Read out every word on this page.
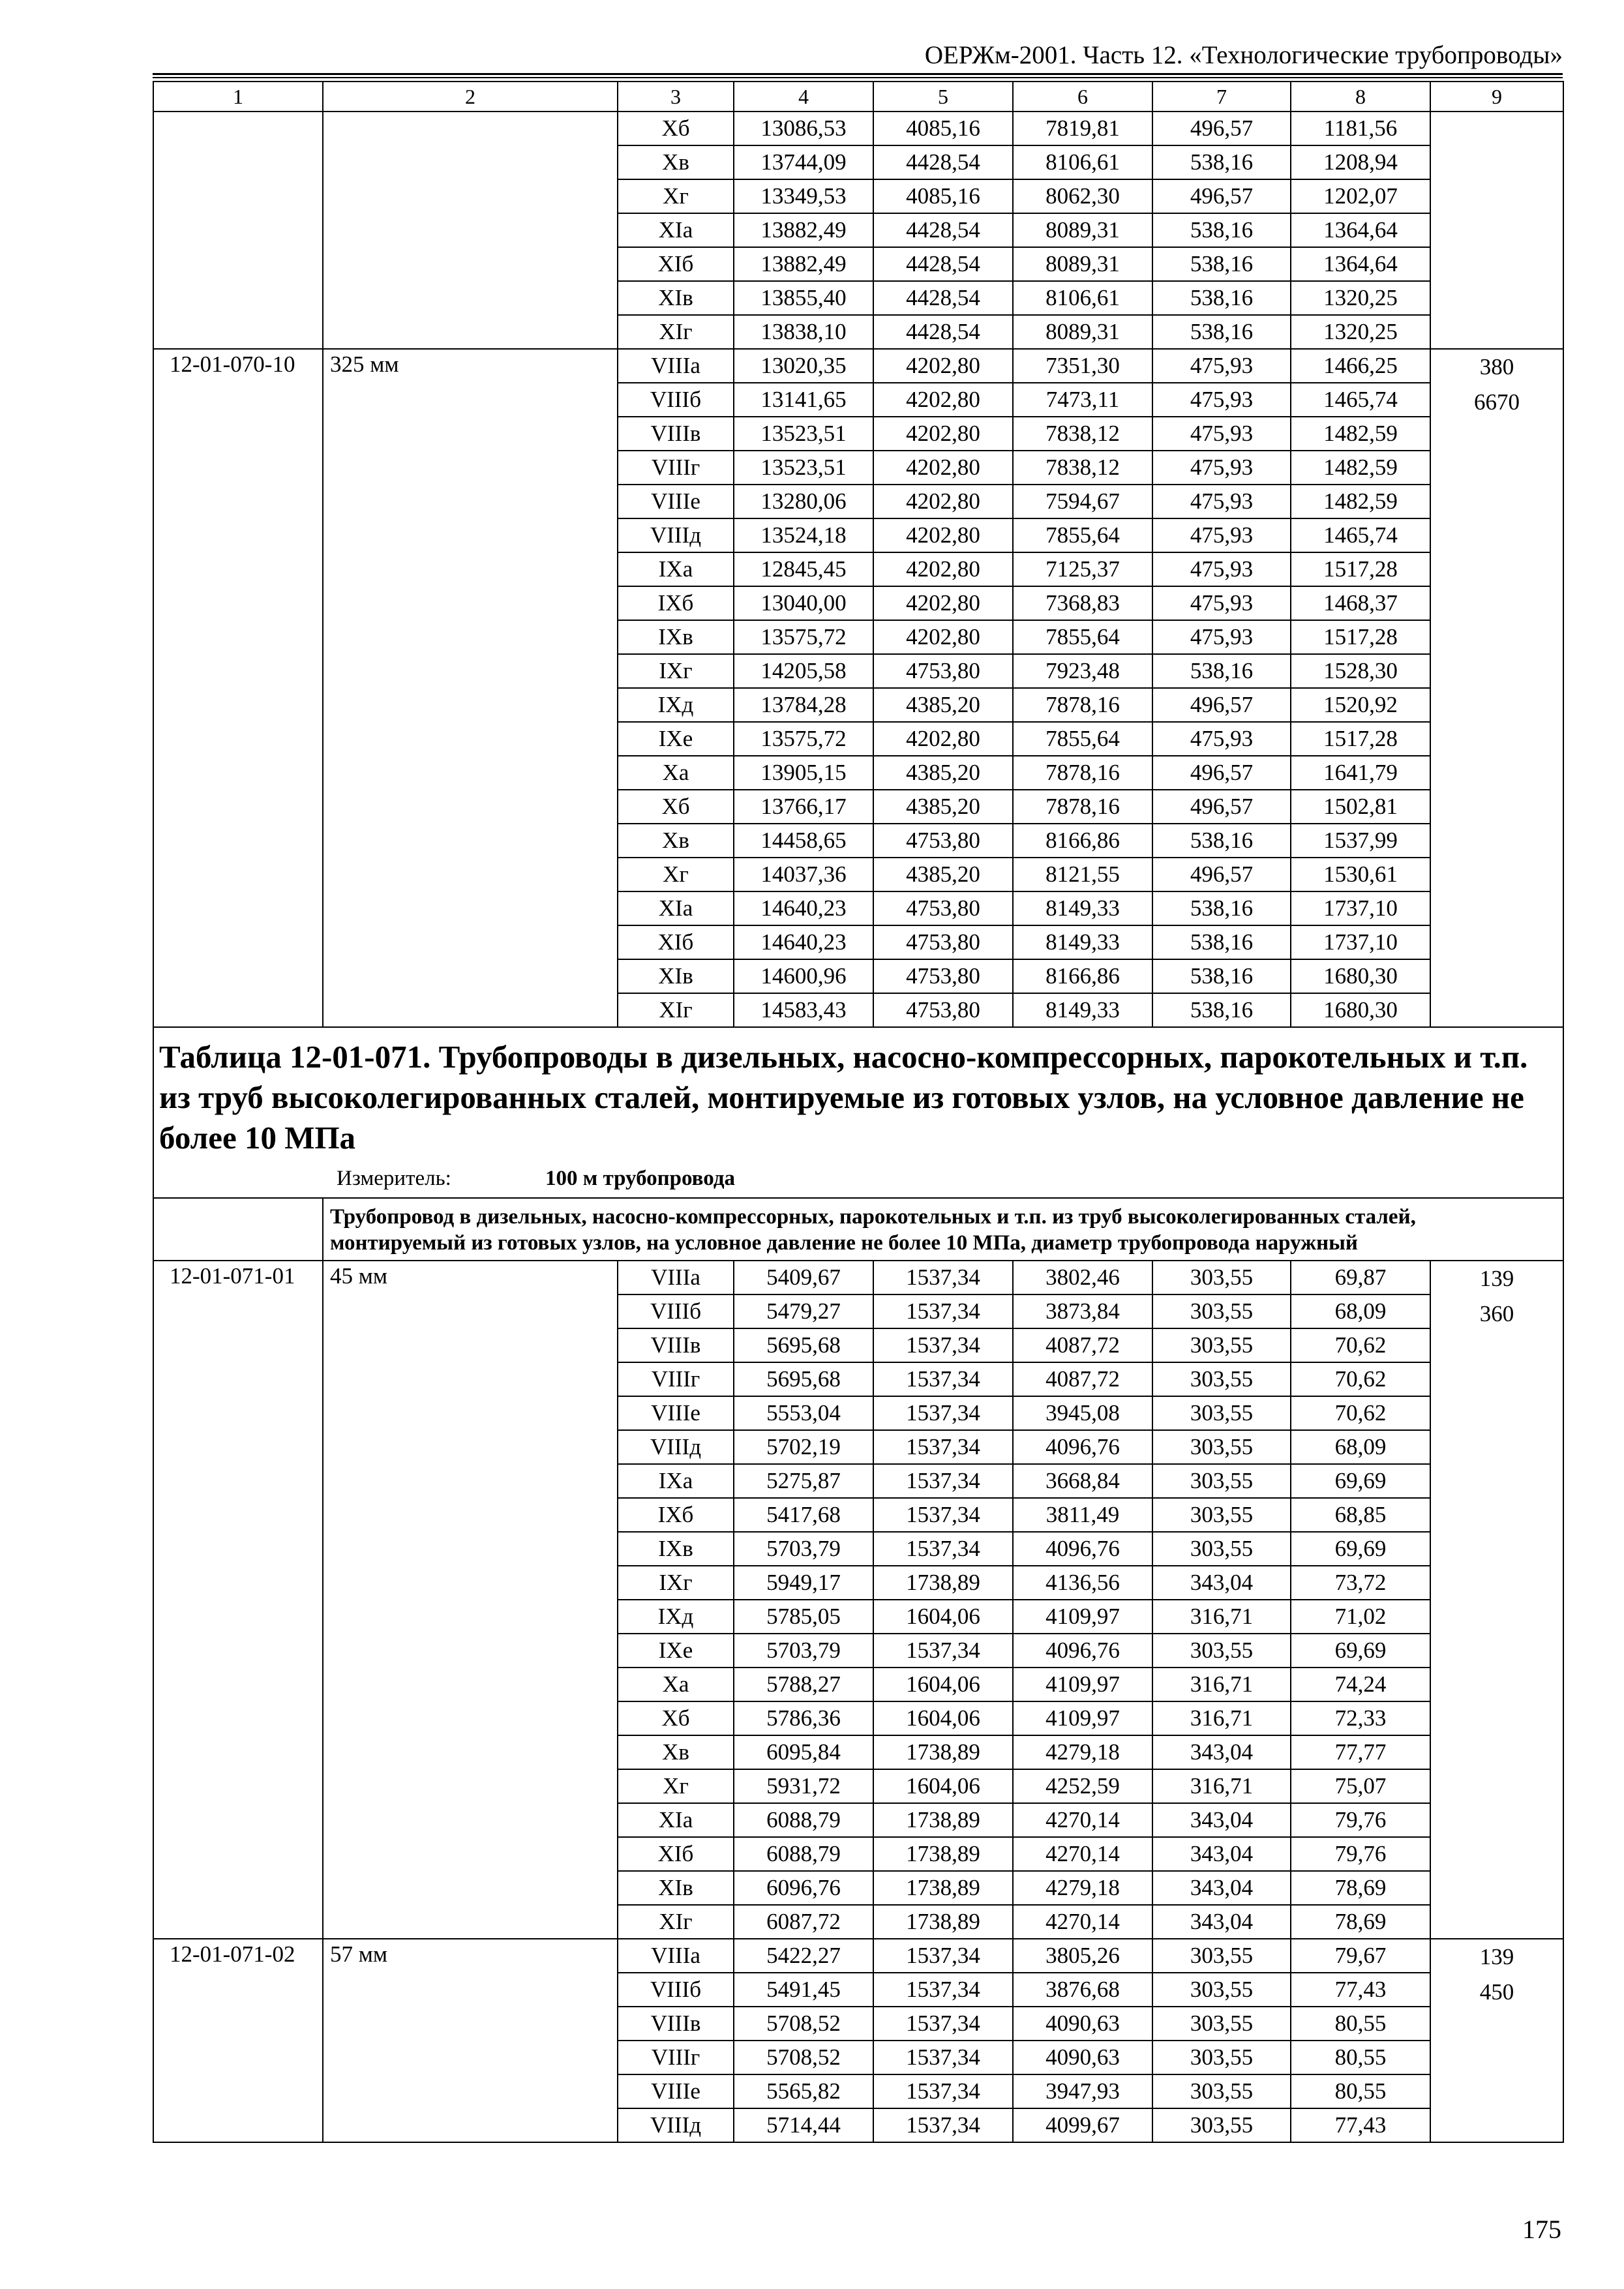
ОЕРЖм-2001. Часть 12. «Технологические трубопроводы»
1	2	3	4	5	6	7	8	9
		Хб	13086,53	4085,16	7819,81	496,57	1181,56	
		Хв	13744,09	4428,54	8106,61	538,16	1208,94	
		Хг	13349,53	4085,16	8062,30	496,57	1202,07	
		ХIа	13882,49	4428,54	8089,31	538,16	1364,64	
		ХIб	13882,49	4428,54	8089,31	538,16	1364,64	
		ХIв	13855,40	4428,54	8106,61	538,16	1320,25	
		ХIг	13838,10	4428,54	8089,31	538,16	1320,25	
12-01-070-10	325 мм	VIIIа	13020,35	4202,80	7351,30	475,93	1466,25	380
6670

		VIIIб	13141,65	4202,80	7473,11	475,93	1465,74	
		VIIIв	13523,51	4202,80	7838,12	475,93	1482,59	
		VIIIг	13523,51	4202,80	7838,12	475,93	1482,59	
		VIIIе	13280,06	4202,80	7594,67	475,93	1482,59	
		VIIIд	13524,18	4202,80	7855,64	475,93	1465,74	
		IХа	12845,45	4202,80	7125,37	475,93	1517,28	
		IХб	13040,00	4202,80	7368,83	475,93	1468,37	
		IХв	13575,72	4202,80	7855,64	475,93	1517,28	
		IХг	14205,58	4753,80	7923,48	538,16	1528,30	
		IХд	13784,28	4385,20	7878,16	496,57	1520,92	
		IХе	13575,72	4202,80	7855,64	475,93	1517,28	
		Ха	13905,15	4385,20	7878,16	496,57	1641,79	
		Хб	13766,17	4385,20	7878,16	496,57	1502,81	
		Хв	14458,65	4753,80	8166,86	538,16	1537,99	
		Хг	14037,36	4385,20	8121,55	496,57	1530,61	
		ХIа	14640,23	4753,80	8149,33	538,16	1737,10	
		ХIб	14640,23	4753,80	8149,33	538,16	1737,10	
		ХIв	14600,96	4753,80	8166,86	538,16	1680,30	
		ХIг	14583,43	4753,80	8149,33	538,16	1680,30	

Таблица 12-01-071. Трубопроводы в дизельных, насосно-компрессорных, парокотельных и т.п. из труб высоколегированных сталей, монтируемые из готовых узлов, на условное давление не более 10 МПа
Измеритель: 100 м трубопровода								

	Трубопровод в дизельных, насосно-компрессорных, парокотельных и т.п. из труб высоколегированных сталей, монтируемый из готовых узлов, на условное давление не более 10 МПа, диаметр трубопровода наружный							
12-01-071-01	45 мм	VIIIа	5409,67	1537,34	3802,46	303,55	69,87	139
360

		VIIIб	5479,27	1537,34	3873,84	303,55	68,09	
		VIIIв	5695,68	1537,34	4087,72	303,55	70,62	
		VIIIг	5695,68	1537,34	4087,72	303,55	70,62	
		VIIIе	5553,04	1537,34	3945,08	303,55	70,62	
		VIIIд	5702,19	1537,34	4096,76	303,55	68,09	
		IХа	5275,87	1537,34	3668,84	303,55	69,69	
		IХб	5417,68	1537,34	3811,49	303,55	68,85	
		IХв	5703,79	1537,34	4096,76	303,55	69,69	
		IХг	5949,17	1738,89	4136,56	343,04	73,72	
		IХд	5785,05	1604,06	4109,97	316,71	71,02	
		IХе	5703,79	1537,34	4096,76	303,55	69,69	
		Ха	5788,27	1604,06	4109,97	316,71	74,24	
		Хб	5786,36	1604,06	4109,97	316,71	72,33	
		Хв	6095,84	1738,89	4279,18	343,04	77,77	
		Хг	5931,72	1604,06	4252,59	316,71	75,07	
		ХIа	6088,79	1738,89	4270,14	343,04	79,76	
		ХIб	6088,79	1738,89	4270,14	343,04	79,76	
		ХIв	6096,76	1738,89	4279,18	343,04	78,69	
		ХIг	6087,72	1738,89	4270,14	343,04	78,69	
12-01-071-02	57 мм	VIIIа	5422,27	1537,34	3805,26	303,55	79,67	139
450

		VIIIб	5491,45	1537,34	3876,68	303,55	77,43	
		VIIIв	5708,52	1537,34	4090,63	303,55	80,55	
		VIIIг	5708,52	1537,34	4090,63	303,55	80,55	
		VIIIе	5565,82	1537,34	3947,93	303,55	80,55	
		VIIIд	5714,44	1537,34	4099,67	303,55	77,43	
175
